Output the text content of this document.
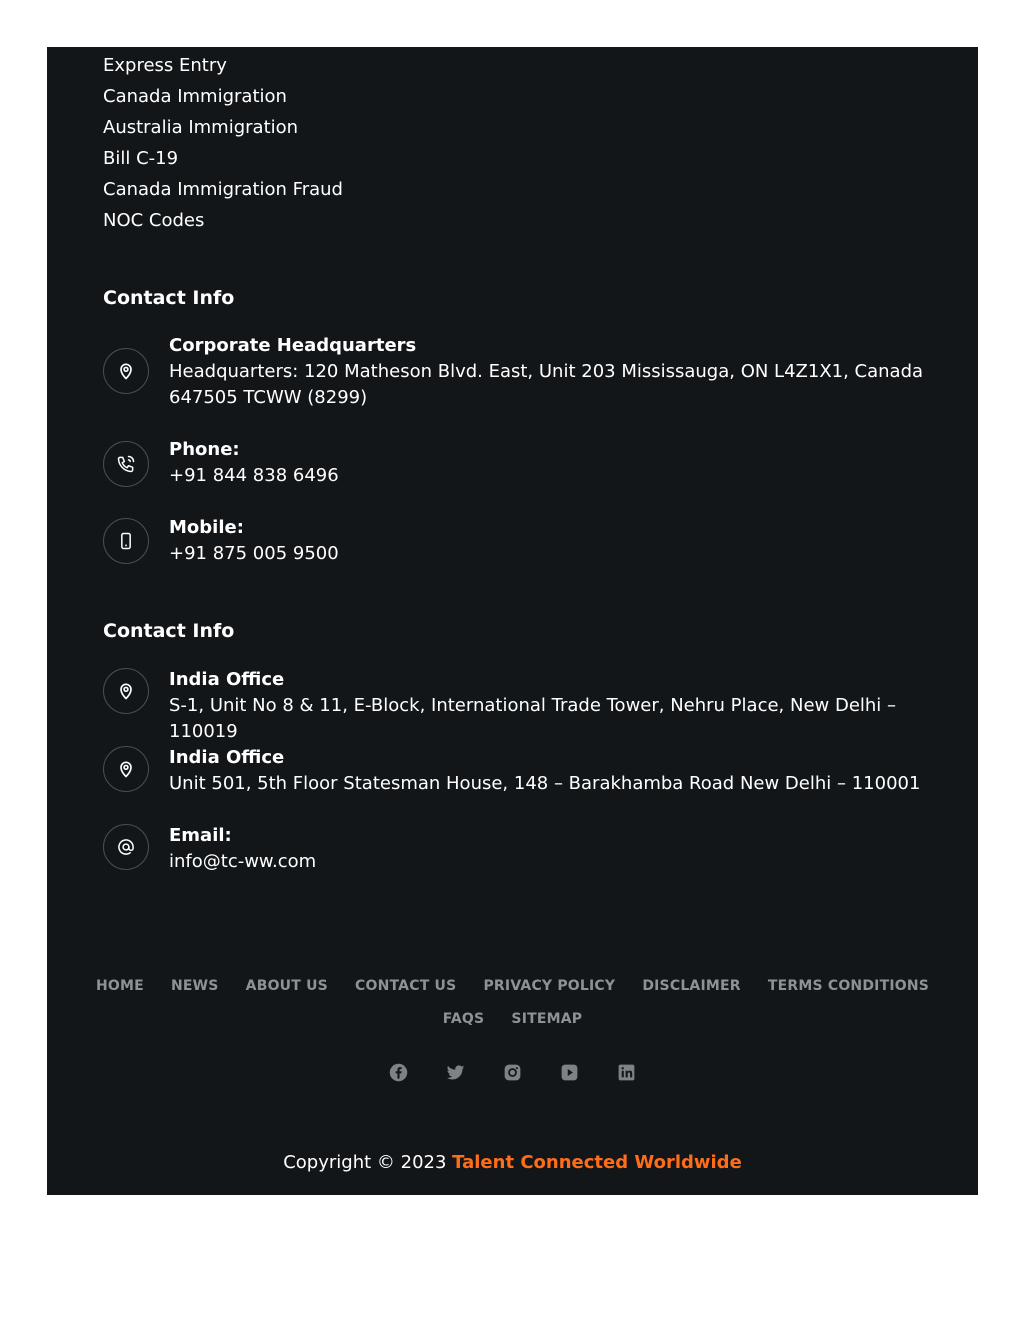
Express Entry
Canada Immigration
Australia Immigration
Bill C-19
Canada Immigration Fraud
NOC Codes
Contact Info
Corporate Headquarters
Headquarters: 120 Matheson Blvd. East, Unit 203 Mississauga, ON L4Z1X1, Canada 647505 TCWW (8299)
Phone:
+91 844 838 6496
Mobile:
+91 875 005 9500
Contact Info
India Office
S-1, Unit No 8 & 11, E-Block, International Trade Tower, Nehru Place, New Delhi – 110019
India Office
Unit 501, 5th Floor Statesman House, 148 – Barakhamba Road New Delhi – 110001
Email:
info@tc-ww.com
HOME NEWS ABOUT US CONTACT US PRIVACY POLICY DISCLAIMER TERMS CONDITIONS
FAQS SITEMAP
Copyright © 2023 Talent Connected Worldwide
